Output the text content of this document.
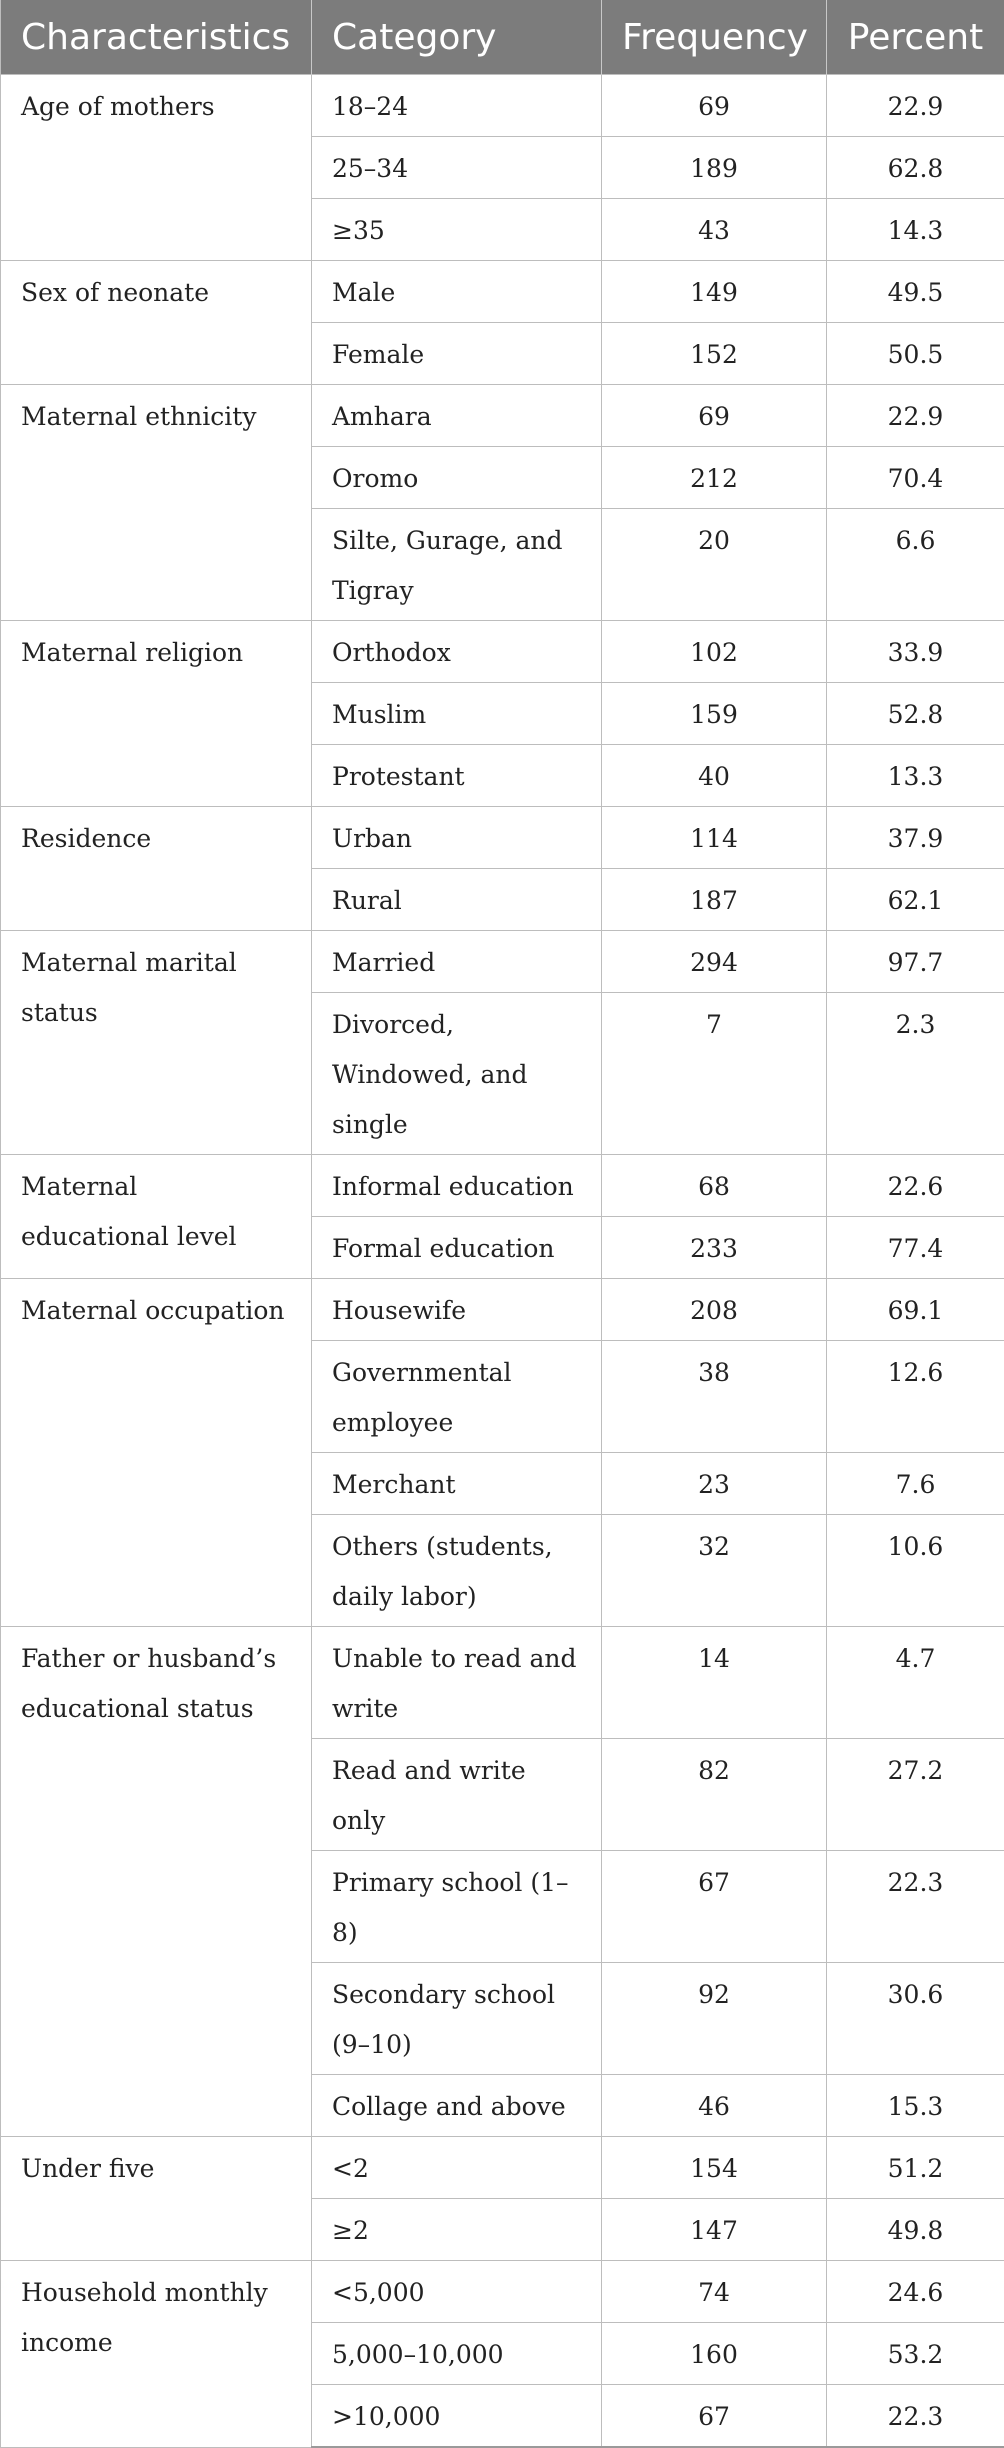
Characteristics	Category	Frequency	Percent
Age of mothers	18–24	69	22.9
	25–34	189	62.8
	≥35	43	14.3
Sex of neonate	Male	149	49.5
	Female	152	50.5
Maternal ethnicity	Amhara	69	22.9
	Oromo	212	70.4
	Silte, Gurage, and Tigray	20	6.6
Maternal religion	Orthodox	102	33.9
	Muslim	159	52.8
	Protestant	40	13.3
Residence	Urban	114	37.9
	Rural	187	62.1
Maternal marital status	Married	294	97.7
	Divorced, Windowed, and single	7	2.3
Maternal educational level	Informal education	68	22.6
	Formal education	233	77.4
Maternal occupation	Housewife	208	69.1
	Governmental employee	38	12.6
	Merchant	23	7.6
	Others (students, daily labor)	32	10.6
Father or husband’s educational status	Unable to read and write	14	4.7
	Read and write only	82	27.2
	Primary school (1–8)	67	22.3
	Secondary school (9–10)	92	30.6
	Collage and above	46	15.3
Under five	<2	154	51.2
	≥2	147	49.8
Household monthly income	<5,000	74	24.6
	5,000–10,000	160	53.2
	>10,000	67	22.3
